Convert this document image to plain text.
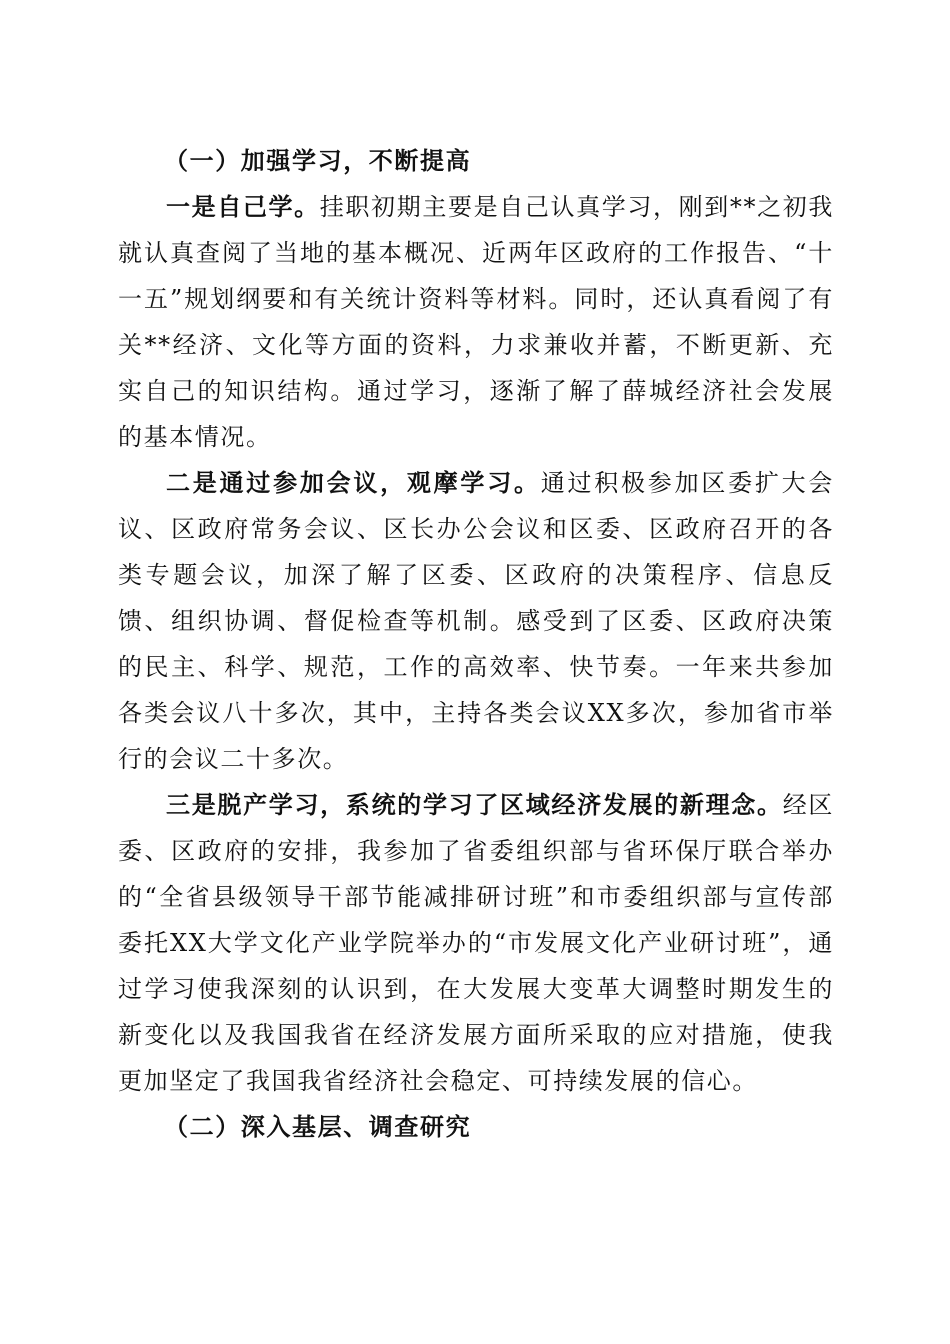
（一）加强学习，不断提高

一是自己学。挂职初期主要是自己认真学习，刚到**之初我就认真查阅了当地的基本概况、近两年区政府的工作报告、“十一五”规划纲要和有关统计资料等材料。同时，还认真看阅了有关**经济、文化等方面的资料，力求兼收并蓄，不断更新、充实自己的知识结构。通过学习，逐渐了解了薛城经济社会发展的基本情况。

二是通过参加会议，观摩学习。通过积极参加区委扩大会议、区政府常务会议、区长办公会议和区委、区政府召开的各类专题会议，加深了解了区委、区政府的决策程序、信息反馈、组织协调、督促检查等机制。感受到了区委、区政府决策的民主、科学、规范，工作的高效率、快节奏。一年来共参加各类会议八十多次，其中，主持各类会议XX多次，参加省市举行的会议二十多次。

三是脱产学习，系统的学习了区域经济发展的新理念。经区委、区政府的安排，我参加了省委组织部与省环保厅联合举办的“全省县级领导干部节能减排研讨班”和市委组织部与宣传部委托XX大学文化产业学院举办的“市发展文化产业研讨班”，通过学习使我深刻的认识到，在大发展大变革大调整时期发生的新变化以及我国我省在经济发展方面所采取的应对措施，使我更加坚定了我国我省经济社会稳定、可持续发展的信心。

（二）深入基层、调查研究
